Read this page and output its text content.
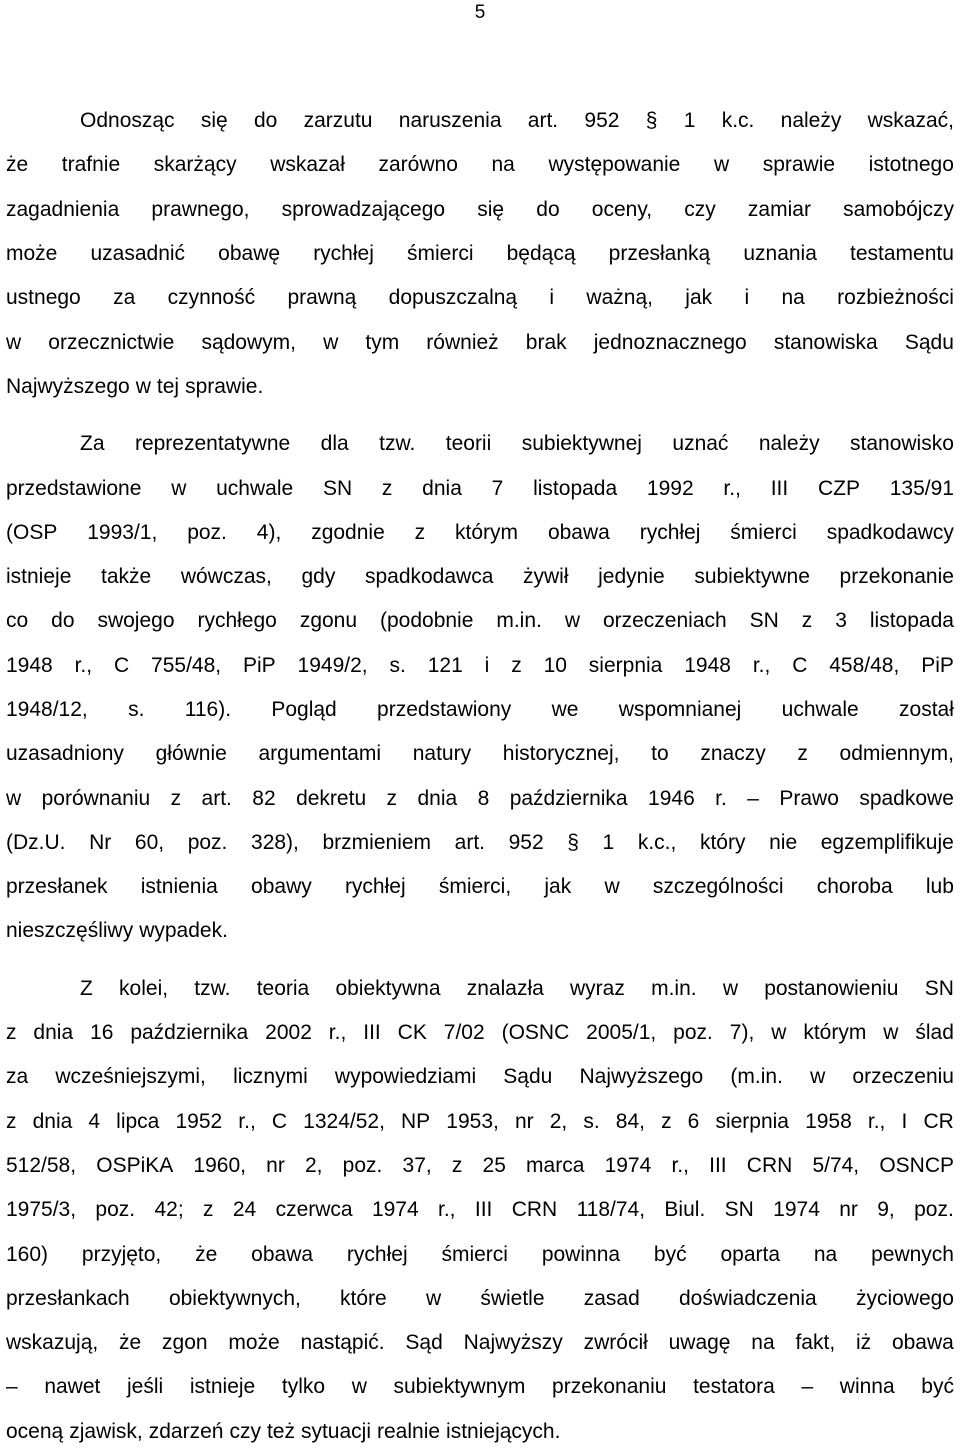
5
Odnosząc się do zarzutu naruszenia art. 952 § 1 k.c. należy wskazać,
że trafnie skarżący wskazał zarówno na występowanie w sprawie istotnego
zagadnienia prawnego, sprowadzającego się do oceny, czy zamiar samobójczy
może uzasadnić obawę rychłej śmierci będącą przesłanką uznania testamentu
ustnego za czynność prawną dopuszczalną i ważną, jak i na rozbieżności
w orzecznictwie sądowym, w tym również brak jednoznacznego stanowiska Sądu
Najwyższego w tej sprawie.
Za reprezentatywne dla tzw. teorii subiektywnej uznać należy stanowisko
przedstawione w uchwale SN z dnia 7 listopada 1992 r., III CZP 135/91
(OSP 1993/1, poz. 4), zgodnie z którym obawa rychłej śmierci spadkodawcy
istnieje także wówczas, gdy spadkodawca żywił jedynie subiektywne przekonanie
co do swojego rychłego zgonu (podobnie m.in. w orzeczeniach SN z 3 listopada
1948 r., C 755/48, PiP 1949/2, s. 121 i z 10 sierpnia 1948 r., C 458/48, PiP
1948/12, s. 116). Pogląd przedstawiony we wspomnianej uchwale został
uzasadniony głównie argumentami natury historycznej, to znaczy z odmiennym,
w porównaniu z art. 82 dekretu z dnia 8 października 1946 r. – Prawo spadkowe
(Dz.U. Nr 60, poz. 328), brzmieniem art. 952 § 1 k.c., który nie egzemplifikuje
przesłanek istnienia obawy rychłej śmierci, jak w szczególności choroba lub
nieszczęśliwy wypadek.
Z kolei, tzw. teoria obiektywna znalazła wyraz m.in. w postanowieniu SN
z dnia 16 października 2002 r., III CK 7/02 (OSNC 2005/1, poz. 7), w którym w ślad
za wcześniejszymi, licznymi wypowiedziami Sądu Najwyższego (m.in. w orzeczeniu
z dnia 4 lipca 1952 r., C 1324/52, NP 1953, nr 2, s. 84, z 6 sierpnia 1958 r., I CR
512/58, OSPiKA 1960, nr 2, poz. 37, z 25 marca 1974 r., III CRN 5/74, OSNCP
1975/3, poz. 42; z 24 czerwca 1974 r., III CRN 118/74, Biul. SN 1974 nr 9, poz.
160) przyjęto, że obawa rychłej śmierci powinna być oparta na pewnych
przesłankach obiektywnych, które w świetle zasad doświadczenia życiowego
wskazują, że zgon może nastąpić. Sąd Najwyższy zwrócił uwagę na fakt, iż obawa
– nawet jeśli istnieje tylko w subiektywnym przekonaniu testatora – winna być
oceną zjawisk, zdarzeń czy też sytuacji realnie istniejących.
